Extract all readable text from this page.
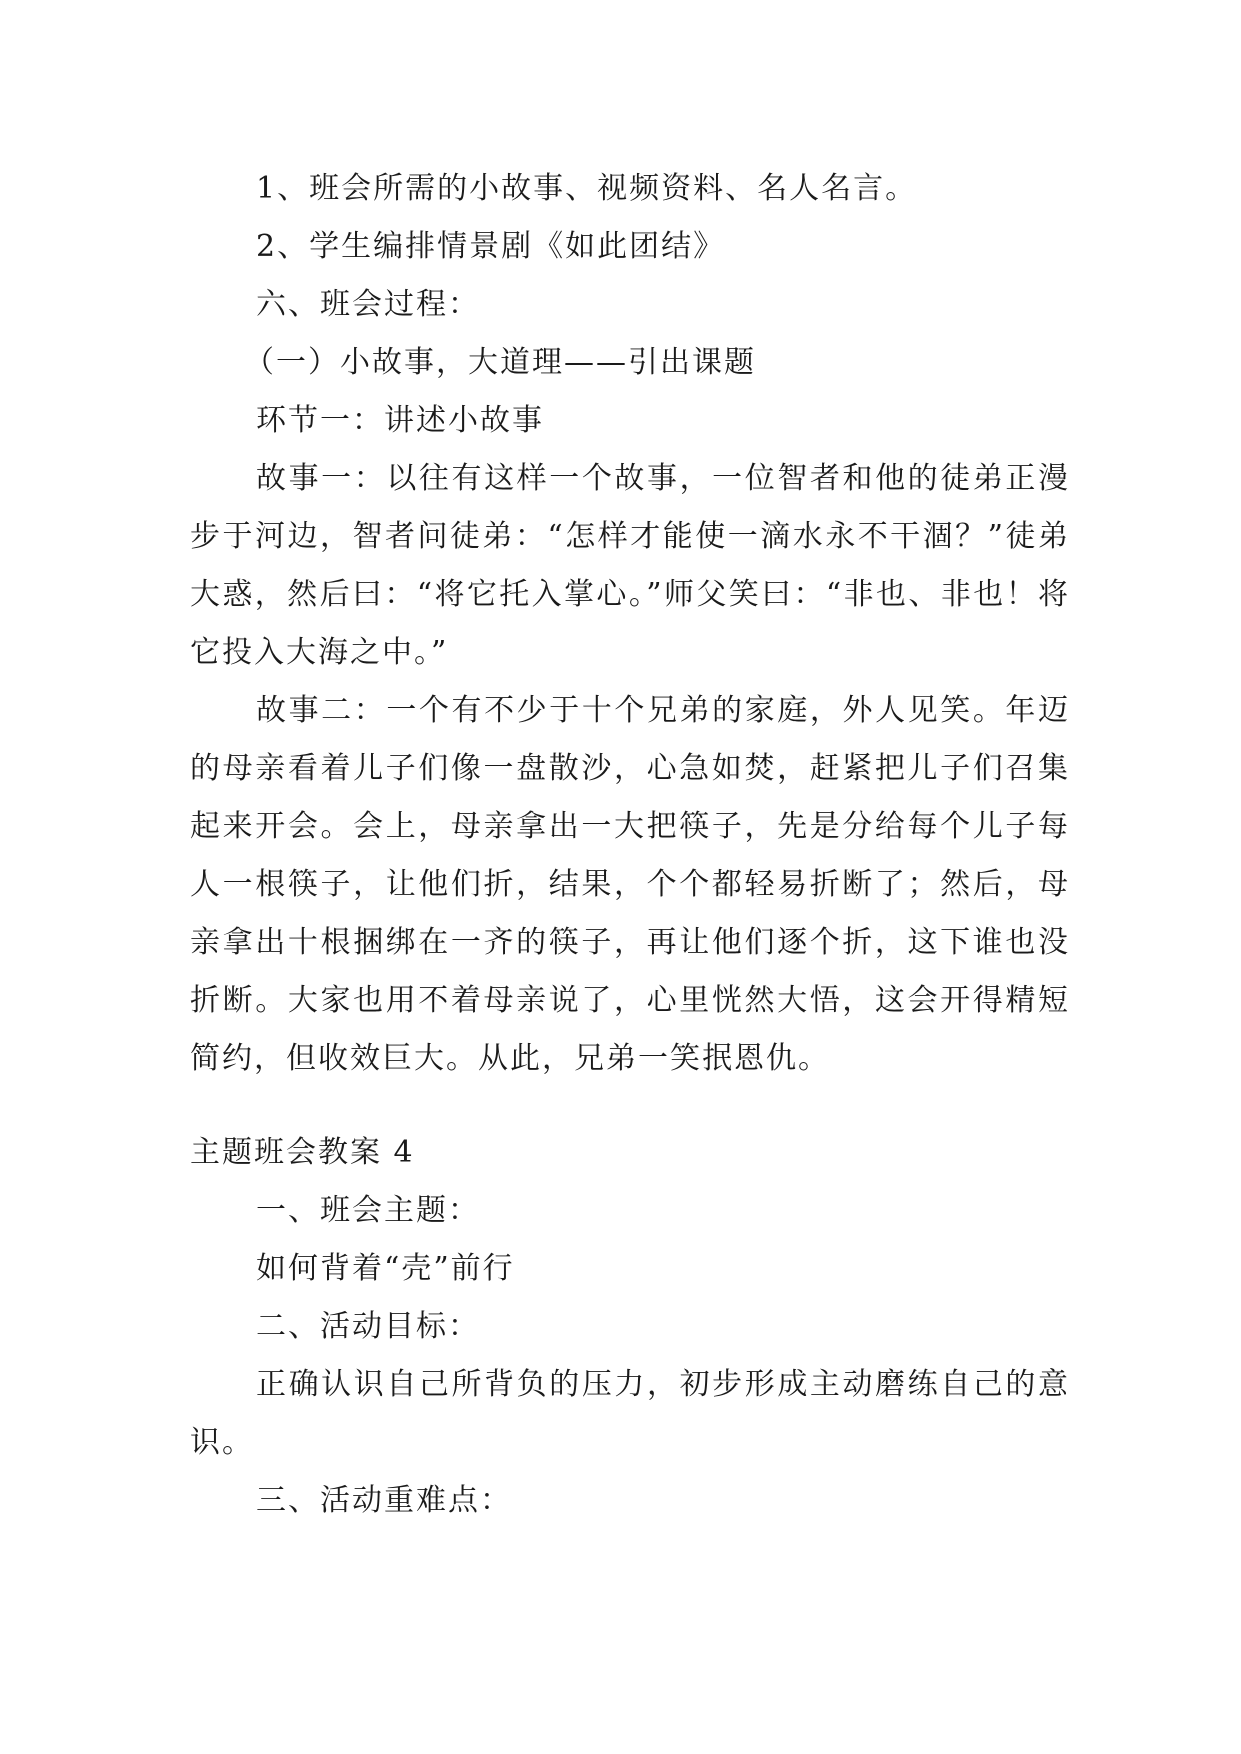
1、班会所需的小故事、视频资料、名人名言。
2、学生编排情景剧《如此团结》
六、班会过程：
（一）小故事，大道理——引出课题
环节一：讲述小故事

故事一：以往有这样一个故事，一位智者和他的徒弟正漫步于河边，智者问徒弟：“怎样才能使一滴水永不干涸？”徒弟大惑，然后曰：“将它托入掌心。”师父笑曰：“非也、非也！将它投入大海之中。”

故事二：一个有不少于十个兄弟的家庭，外人见笑。年迈的母亲看着儿子们像一盘散沙，心急如焚，赶紧把儿子们召集起来开会。会上，母亲拿出一大把筷子，先是分给每个儿子每人一根筷子，让他们折，结果，个个都轻易折断了；然后，母亲拿出十根捆绑在一齐的筷子，再让他们逐个折，这下谁也没折断。大家也用不着母亲说了，心里恍然大悟，这会开得精短简约，但收效巨大。从此，兄弟一笑抿恩仇。

主题班会教案 4
一、班会主题：
如何背着“壳”前行
二、活动目标：

正确认识自己所背负的压力，初步形成主动磨练自己的意识。

三、活动重难点：
